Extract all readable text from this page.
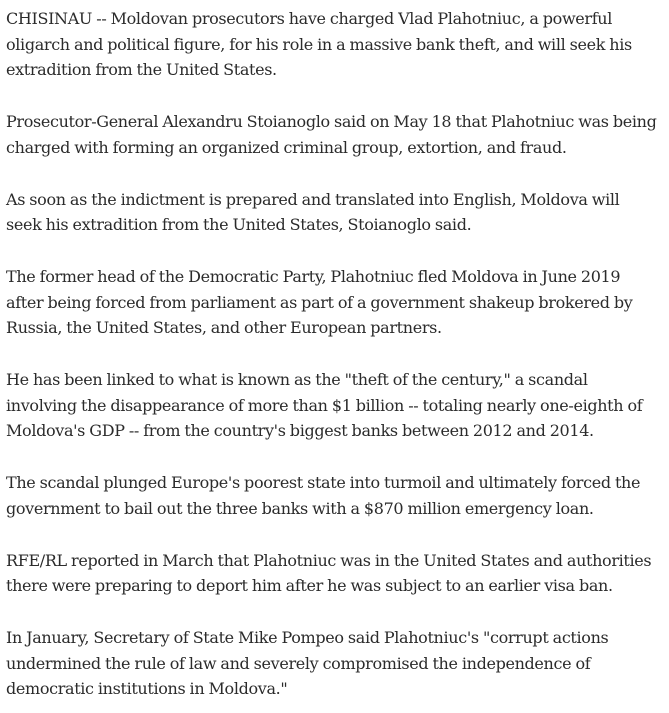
CHISINAU -- Moldovan prosecutors have charged Vlad Plahotniuc, a powerful oligarch and political figure, for his role in a massive bank theft, and will seek his extradition from the United States.

Prosecutor-General Alexandru Stoianoglo said on May 18 that Plahotniuc was being charged with forming an organized criminal group, extortion, and fraud.

As soon as the indictment is prepared and translated into English, Moldova will seek his extradition from the United States, Stoianoglo said.

The former head of the Democratic Party, Plahotniuc fled Moldova in June 2019 after being forced from parliament as part of a government shakeup brokered by Russia, the United States, and other European partners.

He has been linked to what is known as the "theft of the century," a scandal involving the disappearance of more than $1 billion -- totaling nearly one-eighth of Moldova's GDP -- from the country's biggest banks between 2012 and 2014.

The scandal plunged Europe's poorest state into turmoil and ultimately forced the government to bail out the three banks with a $870 million emergency loan.

RFE/RL reported in March that Plahotniuc was in the United States and authorities there were preparing to deport him after he was subject to an earlier visa ban.

In January, Secretary of State Mike Pompeo said Plahotniuc's "corrupt actions undermined the rule of law and severely compromised the independence of democratic institutions in Moldova."
